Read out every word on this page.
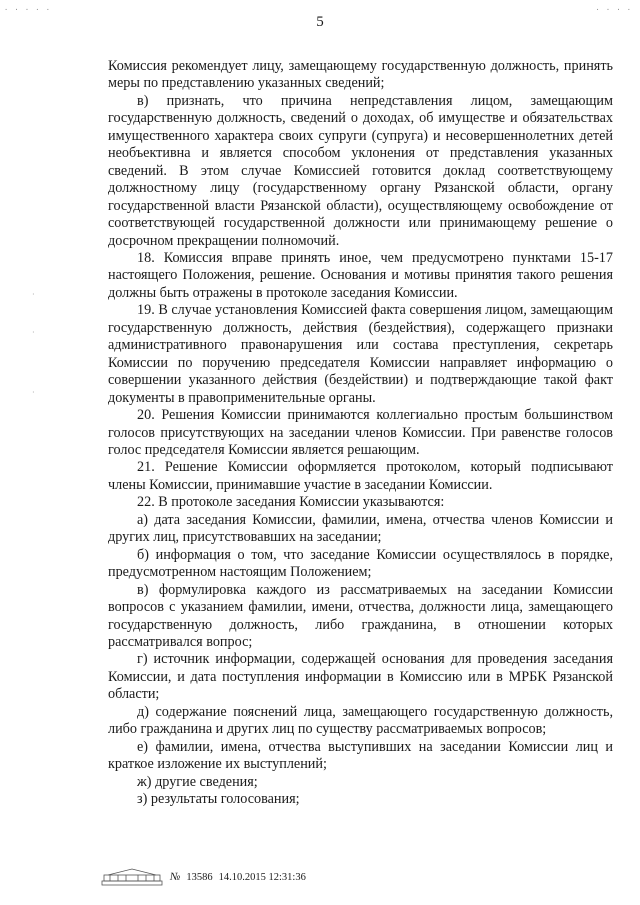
· · · · ·	· · · ·
5
·
·
·

Комиссия рекомендует лицу, замещающему государственную должность, принять меры по представлению указанных сведений;

в) признать, что причина непредставления лицом, замещающим государственную должность, сведений о доходах, об имуществе и обязательствах имущественного характера своих супруги (супруга) и несовершеннолетних детей необъективна и является способом уклонения от представления указанных сведений. В этом случае Комиссией готовится доклад соответствующему должностному лицу (государственному органу Рязанской области, органу государственной власти Рязанской области), осуществляющему освобождение от соответствующей государственной должности или принимающему решение о досрочном прекращении полномочий.

18. Комиссия вправе принять иное, чем предусмотрено пунктами 15-17 настоящего Положения, решение. Основания и мотивы принятия такого решения должны быть отражены в протоколе заседания Комиссии.

19. В случае установления Комиссией факта совершения лицом, замещающим государственную должность, действия (бездействия), содержащего признаки административного правонарушения или состава преступления, секретарь Комиссии по поручению председателя Комиссии направляет информацию о совершении указанного действия (бездействии) и подтверждающие такой факт документы в правоприменительные органы.

20. Решения Комиссии принимаются коллегиально простым большинством голосов присутствующих на заседании членов Комиссии. При равенстве голосов голос председателя Комиссии является решающим.

21. Решение Комиссии оформляется протоколом, который подписывают члены Комиссии, принимавшие участие в заседании Комиссии.

22. В протоколе заседания Комиссии указываются:

а) дата заседания Комиссии, фамилии, имена, отчества членов Комиссии и других лиц, присутствовавших на заседании;

б) информация о том, что заседание Комиссии осуществлялось в порядке, предусмотренном настоящим Положением;

в) формулировка каждого из рассматриваемых на заседании Комиссии вопросов с указанием фамилии, имени, отчества, должности лица, замещающего государственную должность, либо гражданина, в отношении которых рассматривался вопрос;

г) источник информации, содержащей основания для проведения заседания Комиссии, и дата поступления информации в Комиссию или в МРБК Рязанской области;

д) содержание пояснений лица, замещающего государственную должность, либо гражданина и других лиц по существу рассматриваемых вопросов;

е) фамилии, имена, отчества выступивших на заседании Комиссии лиц и краткое изложение их выступлений;

ж) другие сведения;

з) результаты голосования;

№ 13586 14.10.2015 12:31:36
